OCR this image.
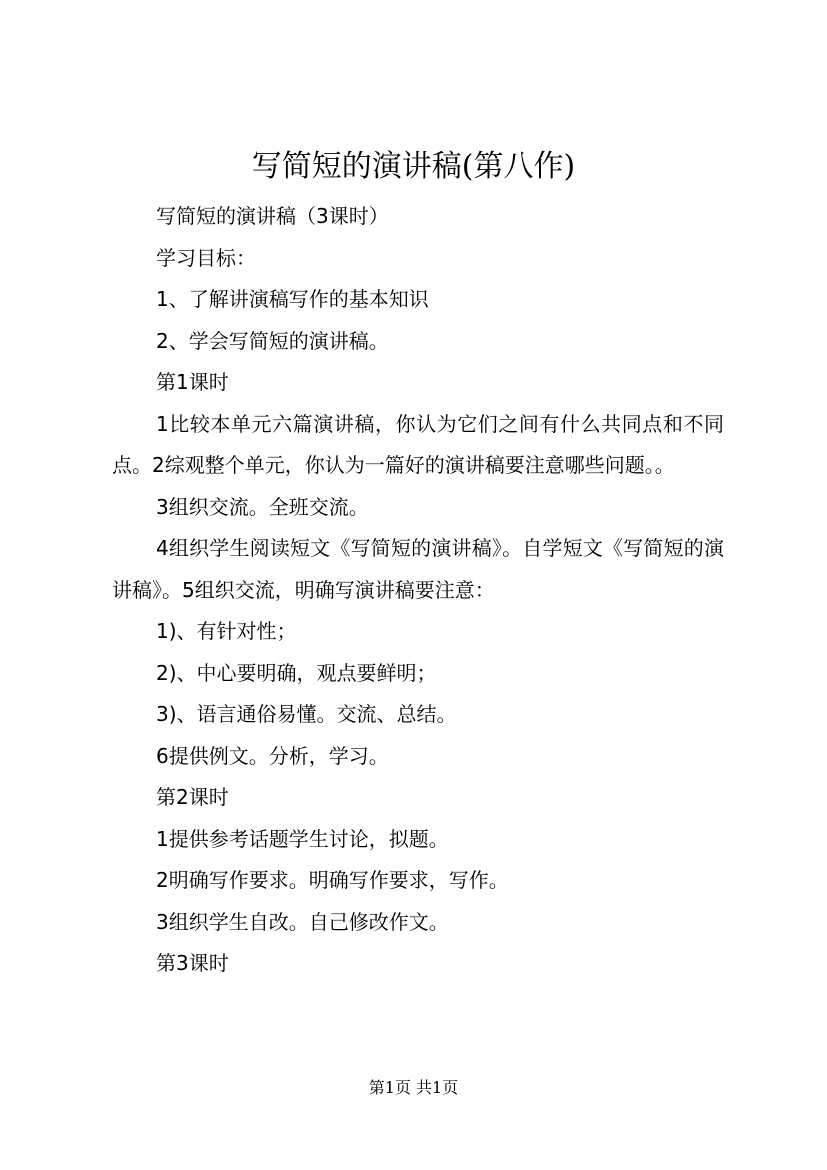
写简短的演讲稿(第八作)

写简短的演讲稿（3课时）

学习目标：

1、了解讲演稿写作的基本知识

2、学会写简短的演讲稿。

第1课时

1比较本单元六篇演讲稿，你认为它们之间有什么共同点和不同点。2综观整个单元，你认为一篇好的演讲稿要注意哪些问题。。

3组织交流。全班交流。

4组织学生阅读短文《写简短的演讲稿》。自学短文《写简短的演讲稿》。5组织交流，明确写演讲稿要注意：

1)、有针对性；

2)、中心要明确，观点要鲜明；

3)、语言通俗易懂。交流、总结。

6提供例文。分析，学习。

第2课时

1提供参考话题学生讨论，拟题。

2明确写作要求。明确写作要求，写作。

3组织学生自改。自己修改作文。

第3课时

第1页 共1页
